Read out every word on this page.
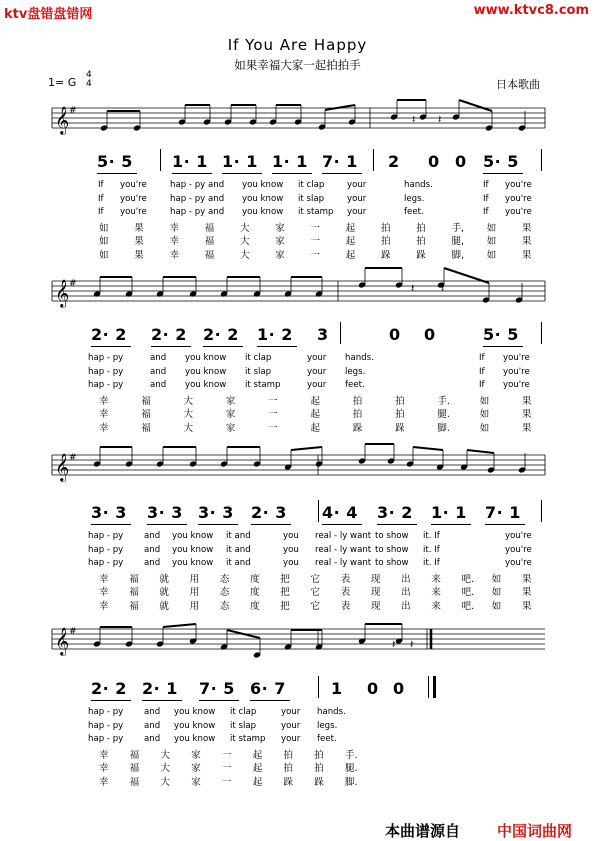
ktv盘错盘错网	www.ktvc8.com
If You Are Happy
如果幸福大家一起拍拍手
1= G
4
4	日本歌曲
𝄞 #
𝄞 #
𝄞 #
𝄞 #
𝄽 𝄽
𝄽 𝄽
𝄽 𝄽
5· 5 1· 1 1· 1 1· 1 7· 1 2 0 0 5· 5
If you're	hap - py and you know it clap	your	hands.	If you're
If you're	hap - py and you know it slap	your	legs.	If you're
If you're	hap - py and you know it stamp your	feet.	If you're
如	果	幸	福	大	家	一	起	拍	拍	手, 如	果
如	果	幸	福	大	家	一	起	拍	拍	腿, 如	果
如	果	幸	福	大	家	一	起	跺	跺	脚, 如	果
2· 2 2· 2 2· 2 1· 2 3	0 0	5· 5
hap - py	and you know it clap	your hands.	If you're
hap - py	and you know it slap	your legs.	If you're
hap - py	and you know it stamp	your feet.	If you're
幸	福	大	家	一	起	拍	拍	手.	如	果
幸	福	大	家	一	起	拍	拍	腿.	如	果
幸	福	大	家	一	起	跺	跺	脚.	如	果
3· 3 3· 3 3· 3 2· 3 4· 4 3· 2 1· 1 7· 1
hap - py and you know it and	you real - ly want to show it. If	you're
hap - py and you know it and	you real - ly want to show it. If	you're
hap - py and you know it and	you real - ly want to show it. If	you're
幸 福 就 用 态 度 把 它 表 现 出 来 吧. 如 果
幸 福 就 用 态 度 把 它 表 现 出 来 吧. 如 果
幸 福 就 用 态 度 把 它 表 现 出 来 吧. 如 果
2· 2 2· 1 7· 5 6· 7	1 0 0
hap - py and you know it clap	your hands.
hap - py and you know it slap	your legs.
hap - py and you know it stamp your feet.
幸 福 大 家 一 起 拍 拍 手.
幸 福 大 家 一 起 拍 拍 腿.
幸 福 大 家 一 起 跺 跺 脚.
本曲谱源自 中国词曲网
